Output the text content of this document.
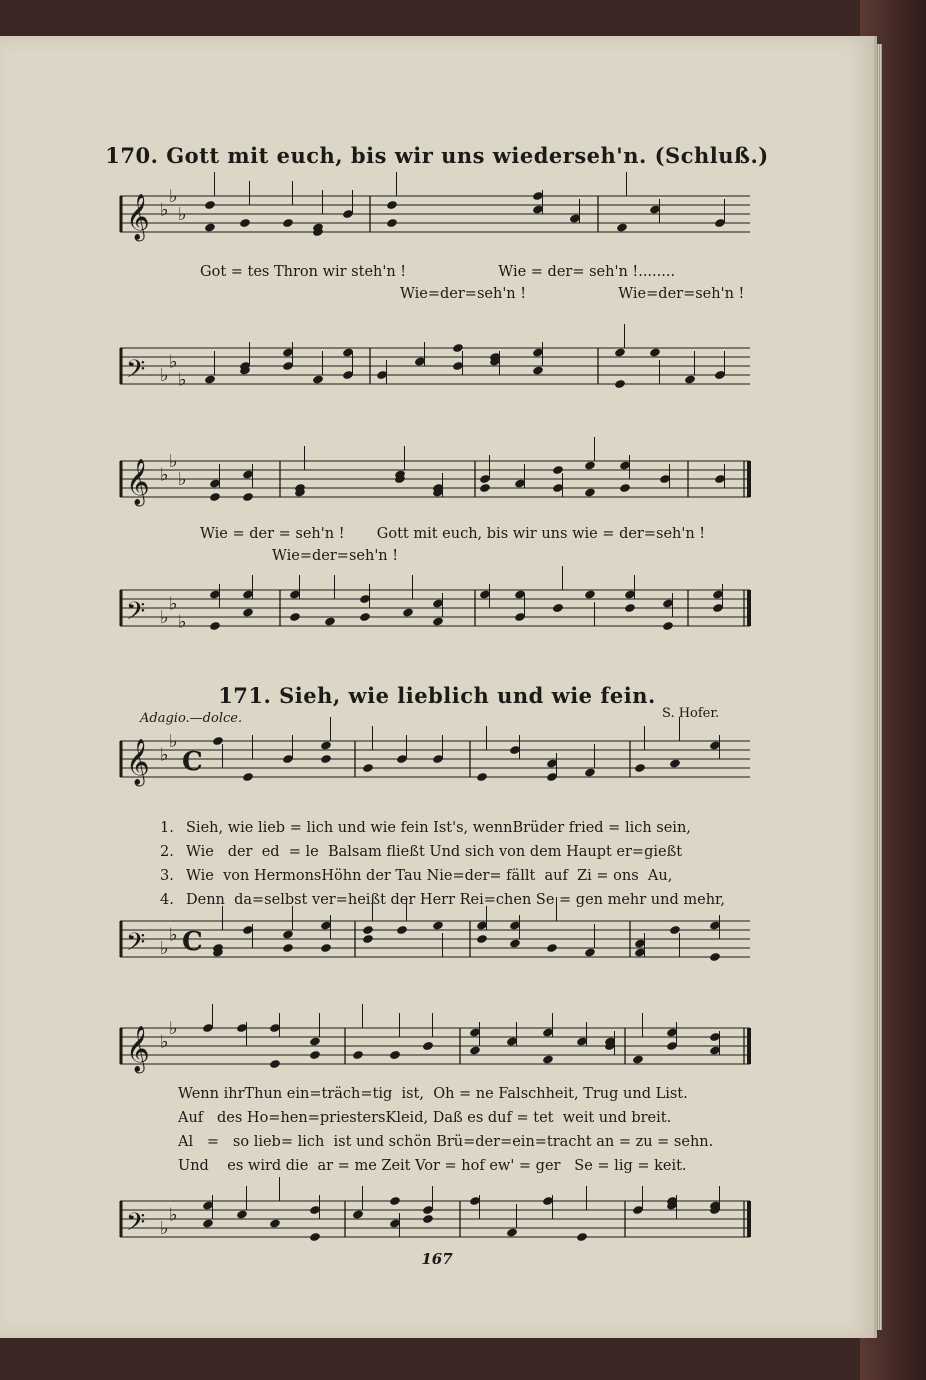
170. Gott mit euch, bis wir uns wiederseh'n. (Schluß.)
𝄞 ♭
♭
♭
Got = tes Thron wir steh'n !                    Wie = der= seh'n !........
Wie=der=seh'n !                    Wie=der=seh'n !
𝄢 ♭
♭
♭
𝄞 ♭
♭
♭
Wie = der = seh'n !       Gott mit euch, bis wir uns wie = der=seh'n !
Wie=der=seh'n !
𝄢 ♭
♭
♭
171. Sieh, wie lieblich und wie fein.
Adagio.—dolce.	S. Hofer.
𝄞 ♭
♭
C
1. Sieh, wie lieb = lich und wie fein Ist's, wennBrüder fried = lich sein,
2. Wie   der  ed  = le  Balsam fließt Und sich von dem Haupt er=gießt
3. Wie  von HermonsHöhn der Tau Nie=der= fällt  auf  Zi = ons  Au,
4. Denn  da=selbst ver=heißt der Herr Rei=chen Se = gen mehr und mehr,
𝄢 ♭
♭ C
𝄞 ♭
♭
Wenn ihrThun ein=träch=tig  ist,  Oh = ne Falschheit, Trug und List.
Auf   des Ho=hen=priestersKleid, Daß es duf = tet  weit und breit.
Al   =   so lieb= lich  ist und schön Brü=der=ein=tracht an = zu = sehn.
Und    es wird die  ar = me Zeit Vor = hof ew' = ger   Se = lig = keit.
𝄢 ♭
♭
167
